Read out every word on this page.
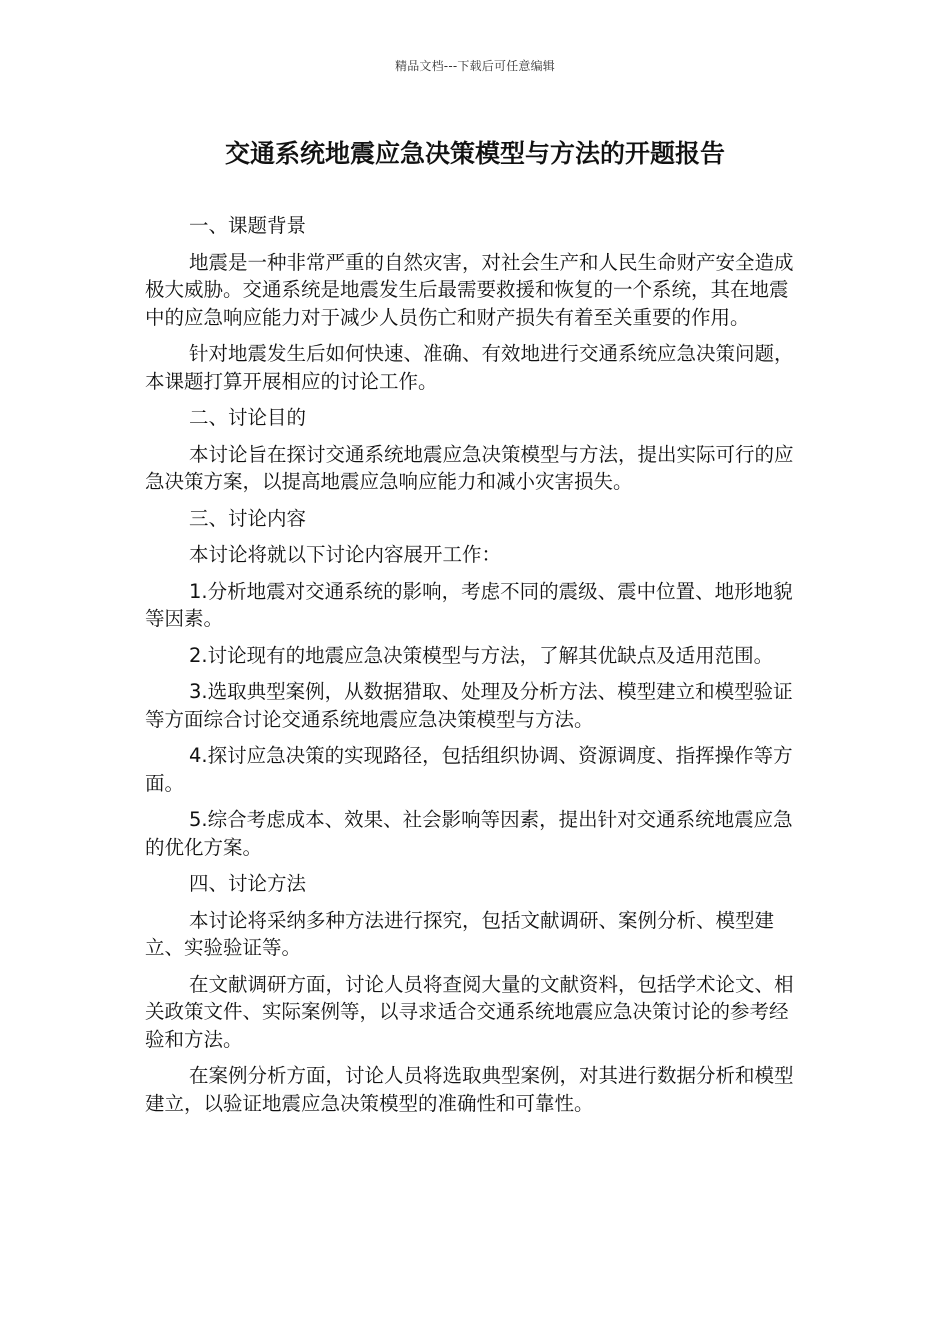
精品文档---下载后可任意编辑
交通系统地震应急决策模型与方法的开题报告

一、课题背景

地震是一种非常严重的自然灾害，对社会生产和人民生命财产安全造成极大威胁。交通系统是地震发生后最需要救援和恢复的一个系统，其在地震中的应急响应能力对于减少人员伤亡和财产损失有着至关重要的作用。

针对地震发生后如何快速、准确、有效地进行交通系统应急决策问题，本课题打算开展相应的讨论工作。

二、讨论目的

本讨论旨在探讨交通系统地震应急决策模型与方法，提出实际可行的应急决策方案，以提高地震应急响应能力和减小灾害损失。

三、讨论内容

本讨论将就以下讨论内容展开工作：

1.分析地震对交通系统的影响，考虑不同的震级、震中位置、地形地貌等因素。

2.讨论现有的地震应急决策模型与方法，了解其优缺点及适用范围。

3.选取典型案例，从数据猎取、处理及分析方法、模型建立和模型验证等方面综合讨论交通系统地震应急决策模型与方法。

4.探讨应急决策的实现路径，包括组织协调、资源调度、指挥操作等方面。

5.综合考虑成本、效果、社会影响等因素，提出针对交通系统地震应急的优化方案。

四、讨论方法

本讨论将采纳多种方法进行探究，包括文献调研、案例分析、模型建立、实验验证等。

在文献调研方面，讨论人员将查阅大量的文献资料，包括学术论文、相关政策文件、实际案例等，以寻求适合交通系统地震应急决策讨论的参考经验和方法。

在案例分析方面，讨论人员将选取典型案例，对其进行数据分析和模型建立，以验证地震应急决策模型的准确性和可靠性。
